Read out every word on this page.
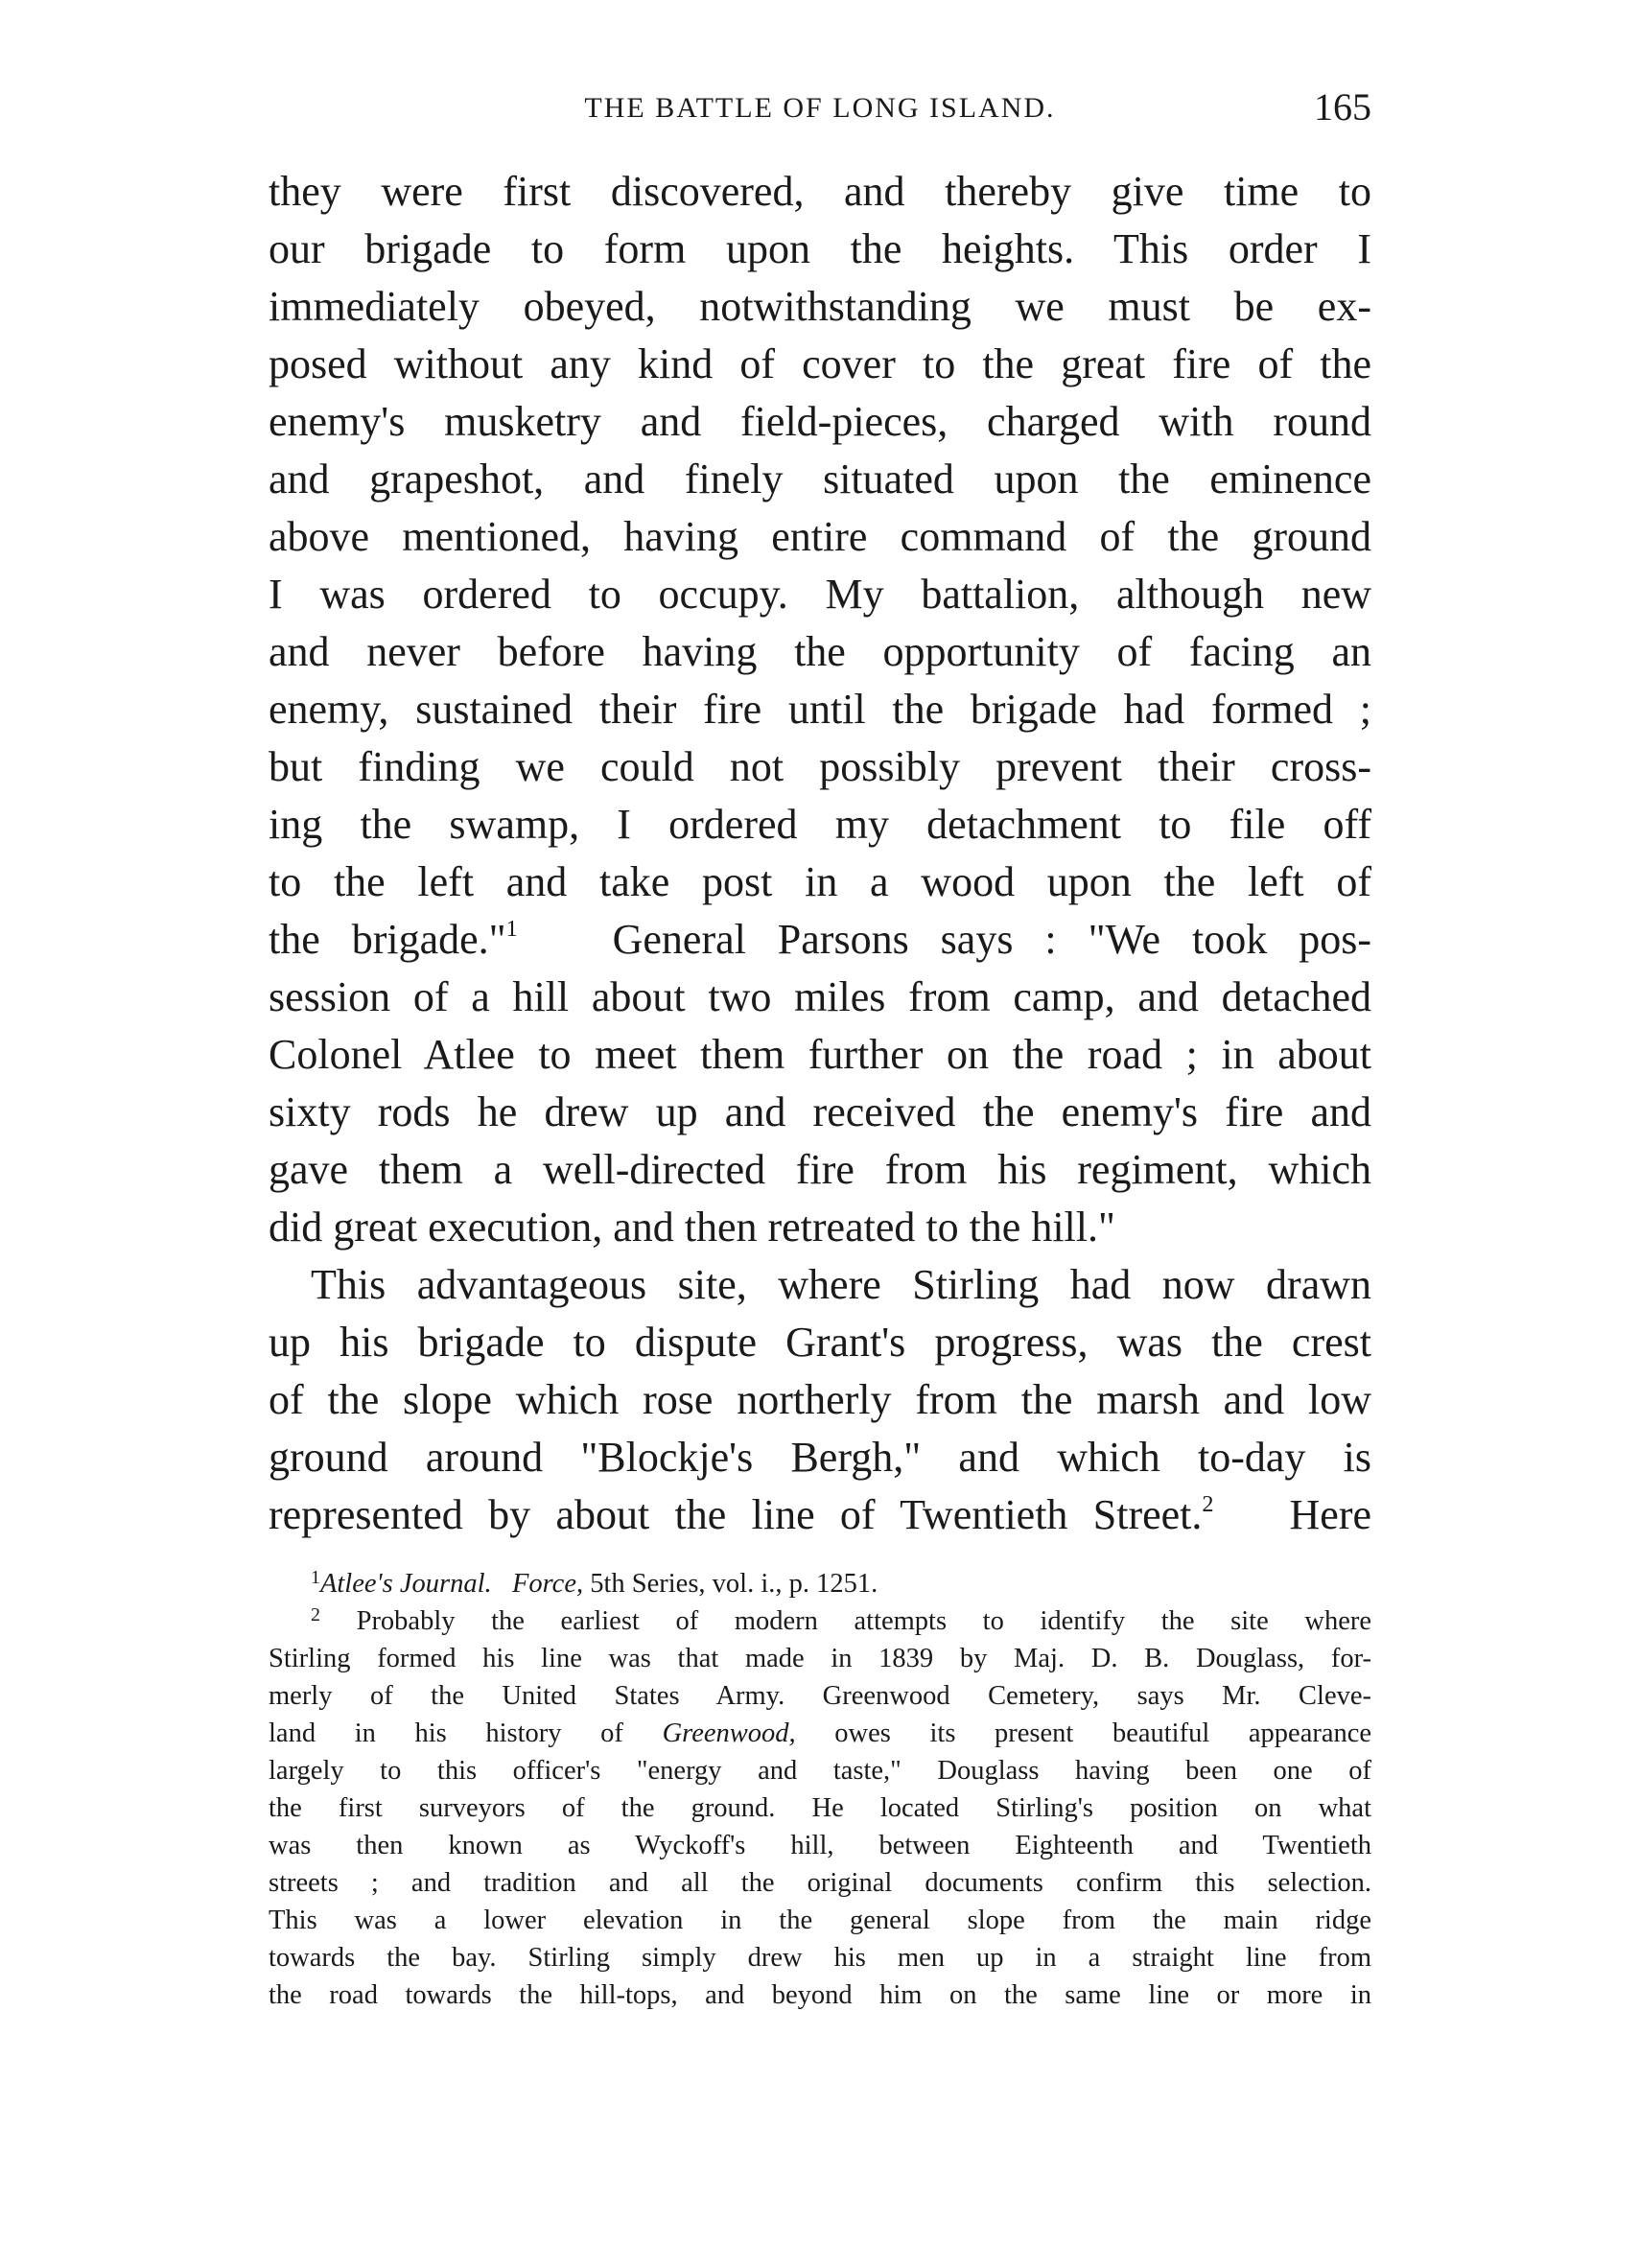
THE BATTLE OF LONG ISLAND.	165
they were first discovered, and thereby give time to
our brigade to form upon the heights. This order I
immediately obeyed, notwithstanding we must be ex-
posed without any kind of cover to the great fire of the
enemy's musketry and field-pieces, charged with round
and grapeshot, and finely situated upon the eminence
above mentioned, having entire command of the ground
I was ordered to occupy. My battalion, although new
and never before having the opportunity of facing an
enemy, sustained their fire until the brigade had formed ;
but finding we could not possibly prevent their cross-
ing the swamp, I ordered my detachment to file off
to the left and take post in a wood upon the left of
the brigade."$^1$ General Parsons says : "We took pos-
session of a hill about two miles from camp, and detached
Colonel Atlee to meet them further on the road ; in about
sixty rods he drew up and received the enemy's fire and
gave them a well-directed fire from his regiment, which
did great execution, and then retreated to the hill."
This advantageous site, where Stirling had now drawn
up his brigade to dispute Grant's progress, was the crest
of the slope which rose northerly from the marsh and low
ground around "Blockje's Bergh," and which to-day is
represented by about the line of Twentieth Street.$^2$ Here
$^1$Atlee's Journal. Force, 5th Series, vol. i., p. 1251.
$^2$ Probably the earliest of modern attempts to identify the site where
Stirling formed his line was that made in 1839 by Maj. D. B. Douglass, for-
merly of the United States Army. Greenwood Cemetery, says Mr. Cleve-
land in his history of Greenwood, owes its present beautiful appearance
largely to this officer's "energy and taste," Douglass having been one of
the first surveyors of the ground. He located Stirling's position on what
was then known as Wyckoff's hill, between Eighteenth and Twentieth
streets ; and tradition and all the original documents confirm this selection.
This was a lower elevation in the general slope from the main ridge
towards the bay. Stirling simply drew his men up in a straight line from
the road towards the hill-tops, and beyond him on the same line or more in
